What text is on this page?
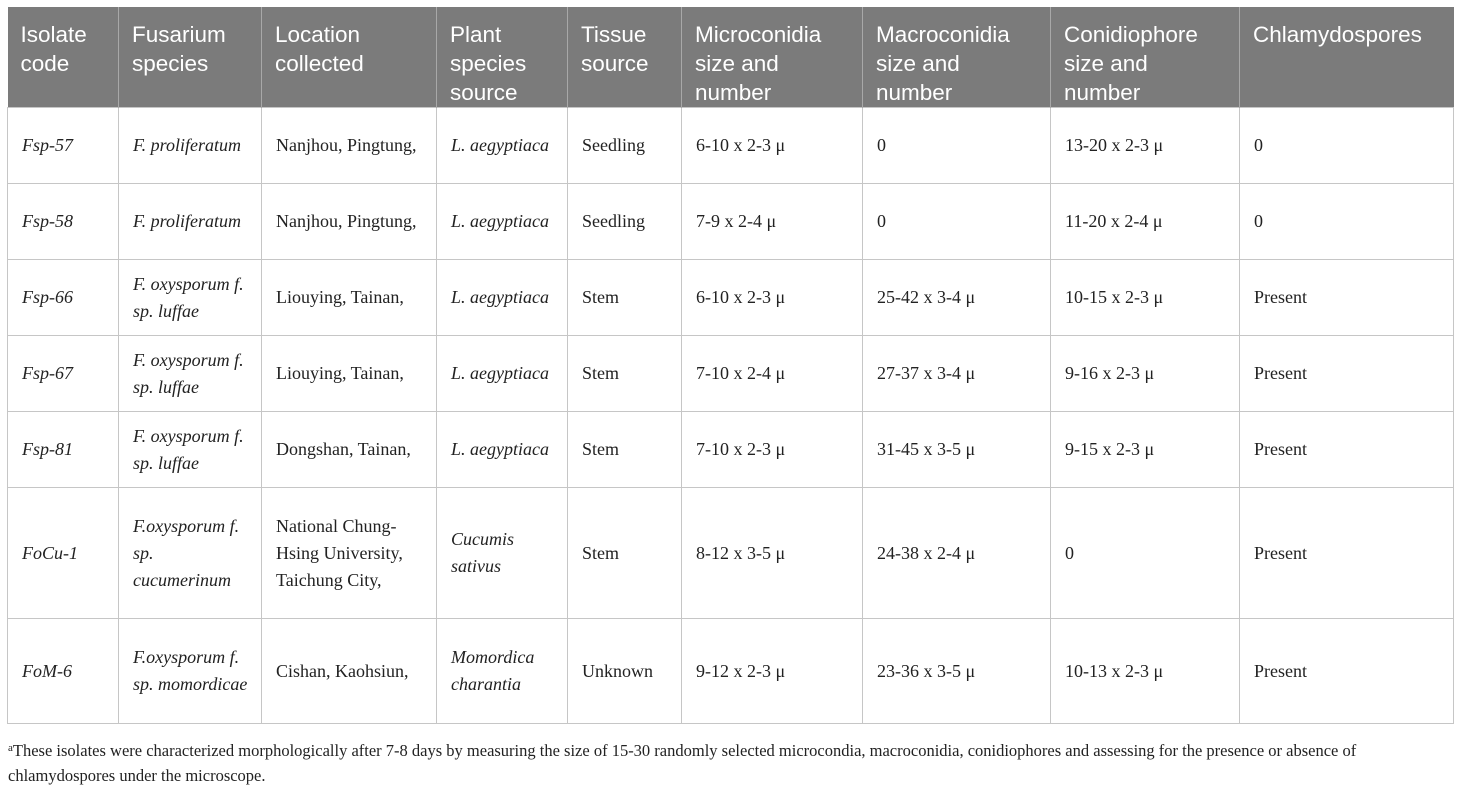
Isolate code	Fusarium species	Location collected	Plant species source	Tissue source	Microconidia size and number	Macroconidia size and number	Conidiophore size and number	Chlamydospores
Fsp-57	F. proliferatum	Nanjhou, Pingtung,	L. aegyptiaca	Seedling	6-10 x 2-3 μ	0	13-20 x 2-3 μ	0
Fsp-58	F. proliferatum	Nanjhou, Pingtung,	L. aegyptiaca	Seedling	7-9 x 2-4 μ	0	11-20 x 2-4 μ	0
Fsp-66	F. oxysporum f. sp. luffae	Liouying, Tainan,	L. aegyptiaca	Stem	6-10 x 2-3 μ	25-42 x 3-4 μ	10-15 x 2-3 μ	Present
Fsp-67	F. oxysporum f. sp. luffae	Liouying, Tainan,	L. aegyptiaca	Stem	7-10 x 2-4 μ	27-37 x 3-4 μ	9-16 x 2-3 μ	Present
Fsp-81	F. oxysporum f. sp. luffae	Dongshan, Tainan,	L. aegyptiaca	Stem	7-10 x 2-3 μ	31-45 x 3-5 μ	9-15 x 2-3 μ	Present
FoCu-1	F.oxysporum f. sp. cucumerinum	National Chung-Hsing University, Taichung City,	Cucumis sativus	Stem	8-12 x 3-5 μ	24-38 x 2-4 μ	0	Present
FoM-6	F.oxysporum f. sp. momordicae	Cishan, Kaohsiun,	Momordica charantia	Unknown	9-12 x 2-3 μ	23-36 x 3-5 μ	10-13 x 2-3 μ	Present
$^a$These isolates were characterized morphologically after 7-8 days by measuring the size of 15-30 randomly selected microcondia, macroconidia, conidiophores and assessing for the presence or absence of chlamydospores under the microscope.
